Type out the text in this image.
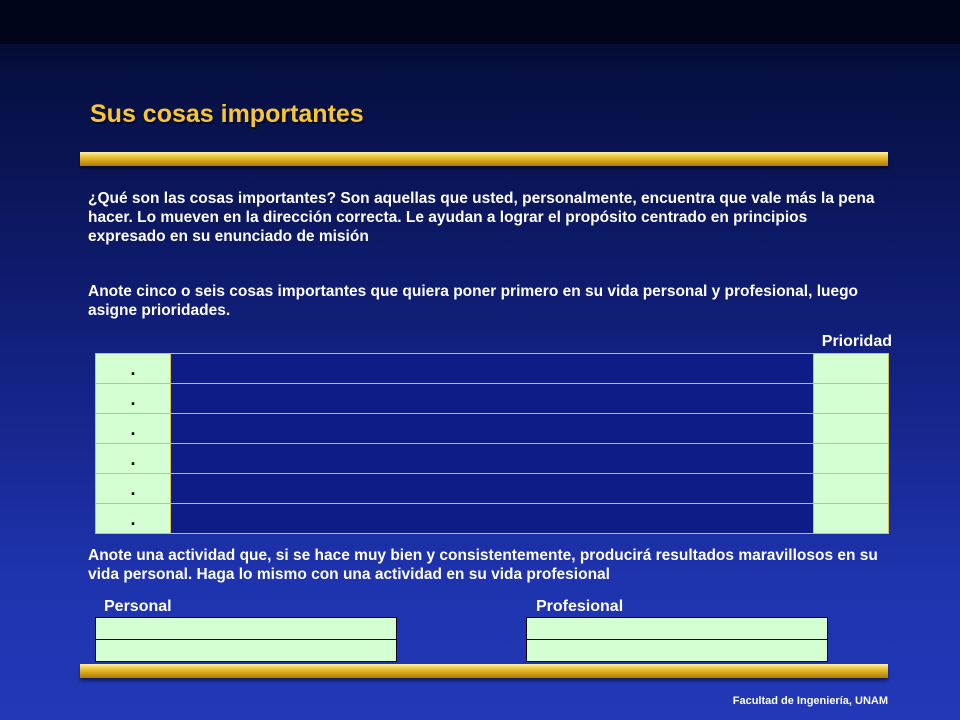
Sus cosas importantes

¿Qué son las cosas importantes? Son aquellas que usted, personalmente, encuentra que vale más la pena hacer. Lo mueven en la dirección correcta. Le ayudan a lograr el propósito centrado en principios expresado en su enunciado de misión

Anote cinco o seis cosas importantes que quiera poner primero en su vida personal y profesional, luego asigne prioridades.

Prioridad
.		
.		
.		
.		
.		
.		

Anote una actividad que, si se hace muy bien y consistentemente, producirá resultados maravillosos en su vida personal. Haga lo mismo con una actividad en su vida profesional

Personal	Profesional

Facultad de Ingeniería, UNAM
